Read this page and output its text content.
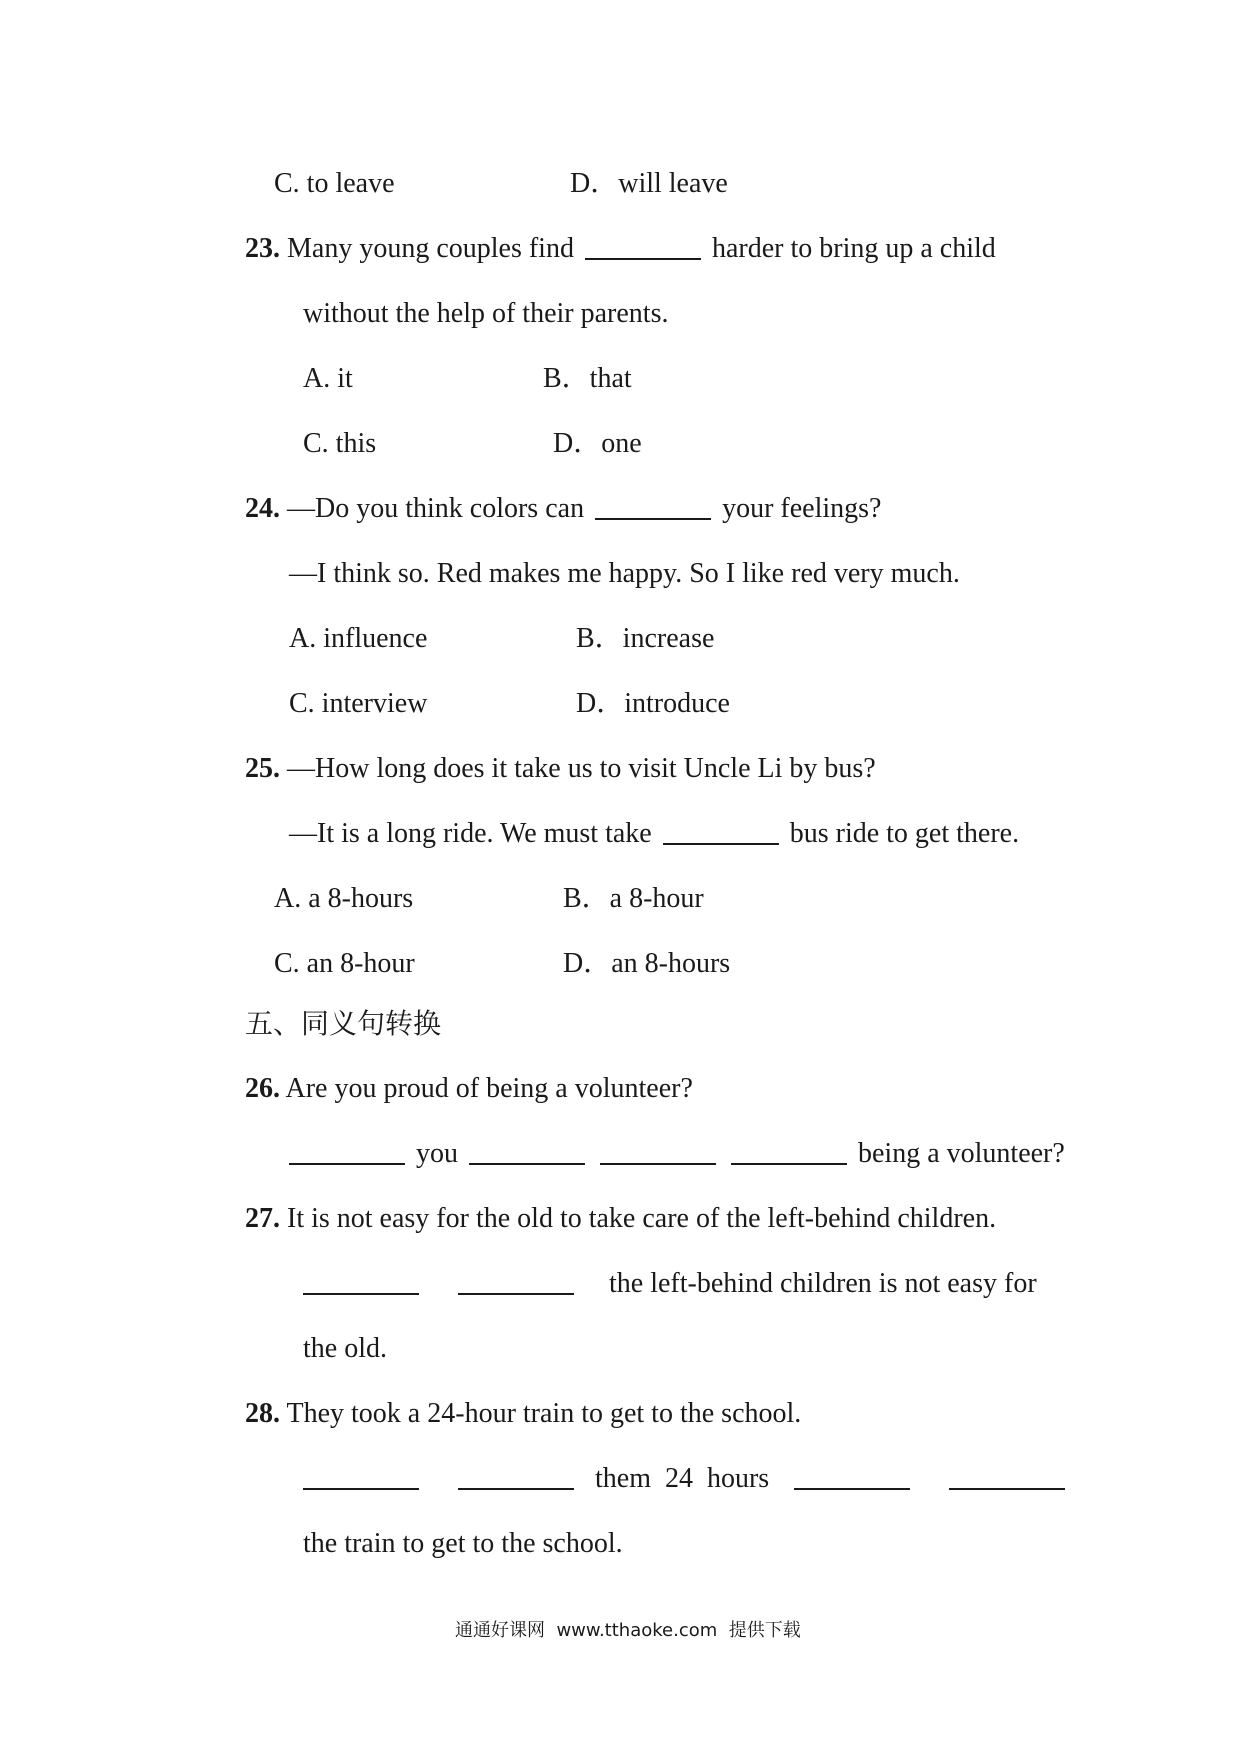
C. to leave	D．will leave
23. Many young couples find	harder to bring up a child
without the help of their parents.
A. it	B．that
C. this	D．one
24. —Do you think colors can	your feelings?
—I think so. Red makes me happy. So I like red very much.
A. influence	B．increase
C. interview	D．introduce
25. —How long does it take us to visit Uncle Li by bus?
—It is a long ride. We must take	bus ride to get there.
A. a 8-hours	B．a 8-hour
C. an 8-hour	D．an 8-hours
五、同义句转换
26. Are you proud of being a volunteer?
you	being a volunteer?
27. It is not easy for the old to take care of the left-behind children.
the left-behind children is not easy for
the old.
28. They took a 24-hour train to get to the school.
them  24  hours
the train to get to the school.
通通好课网  www.tthaoke.com  提供下载
